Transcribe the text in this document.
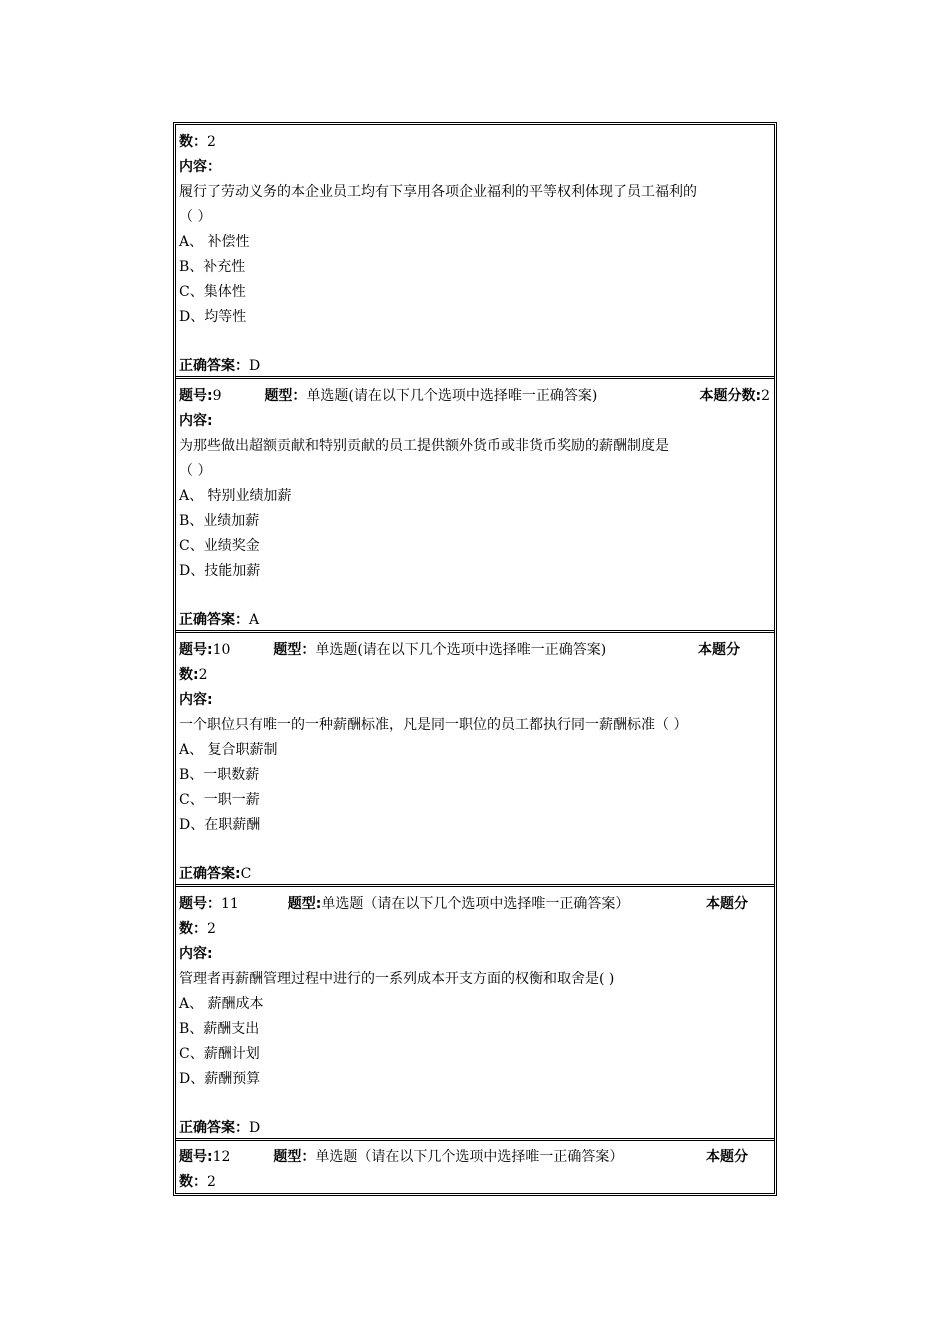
数：2
内容：
履行了劳动义务的本企业员工均有下享用各项企业福利的平等权利体现了员工福利的
（ ）
A、 补偿性
B、补充性
C、集体性
D、均等性
正确答案：D
题号:9	题型：单选题(请在以下几个选项中选择唯一正确答案)	本题分数:2
内容:
为那些做出超额贡献和特别贡献的员工提供额外货币或非货币奖励的薪酬制度是
（ ）
A、 特别业绩加薪
B、业绩加薪
C、业绩奖金
D、技能加薪
正确答案：A
题号:10	题型：单选题(请在以下几个选项中选择唯一正确答案)	本题分
数:2
内容:
一个职位只有唯一的一种薪酬标准，凡是同一职位的员工都执行同一薪酬标准（ ）
A、 复合职薪制
B、一职数薪
C、一职一薪
D、在职薪酬
正确答案:C
题号：11	题型:单选题（请在以下几个选项中选择唯一正确答案）	本题分
数：2
内容:
管理者再薪酬管理过程中进行的一系列成本开支方面的权衡和取舍是( )
A、 薪酬成本
B、薪酬支出
C、薪酬计划
D、薪酬预算
正确答案：D
题号:12	题型：单选题（请在以下几个选项中选择唯一正确答案）	本题分
数：2
